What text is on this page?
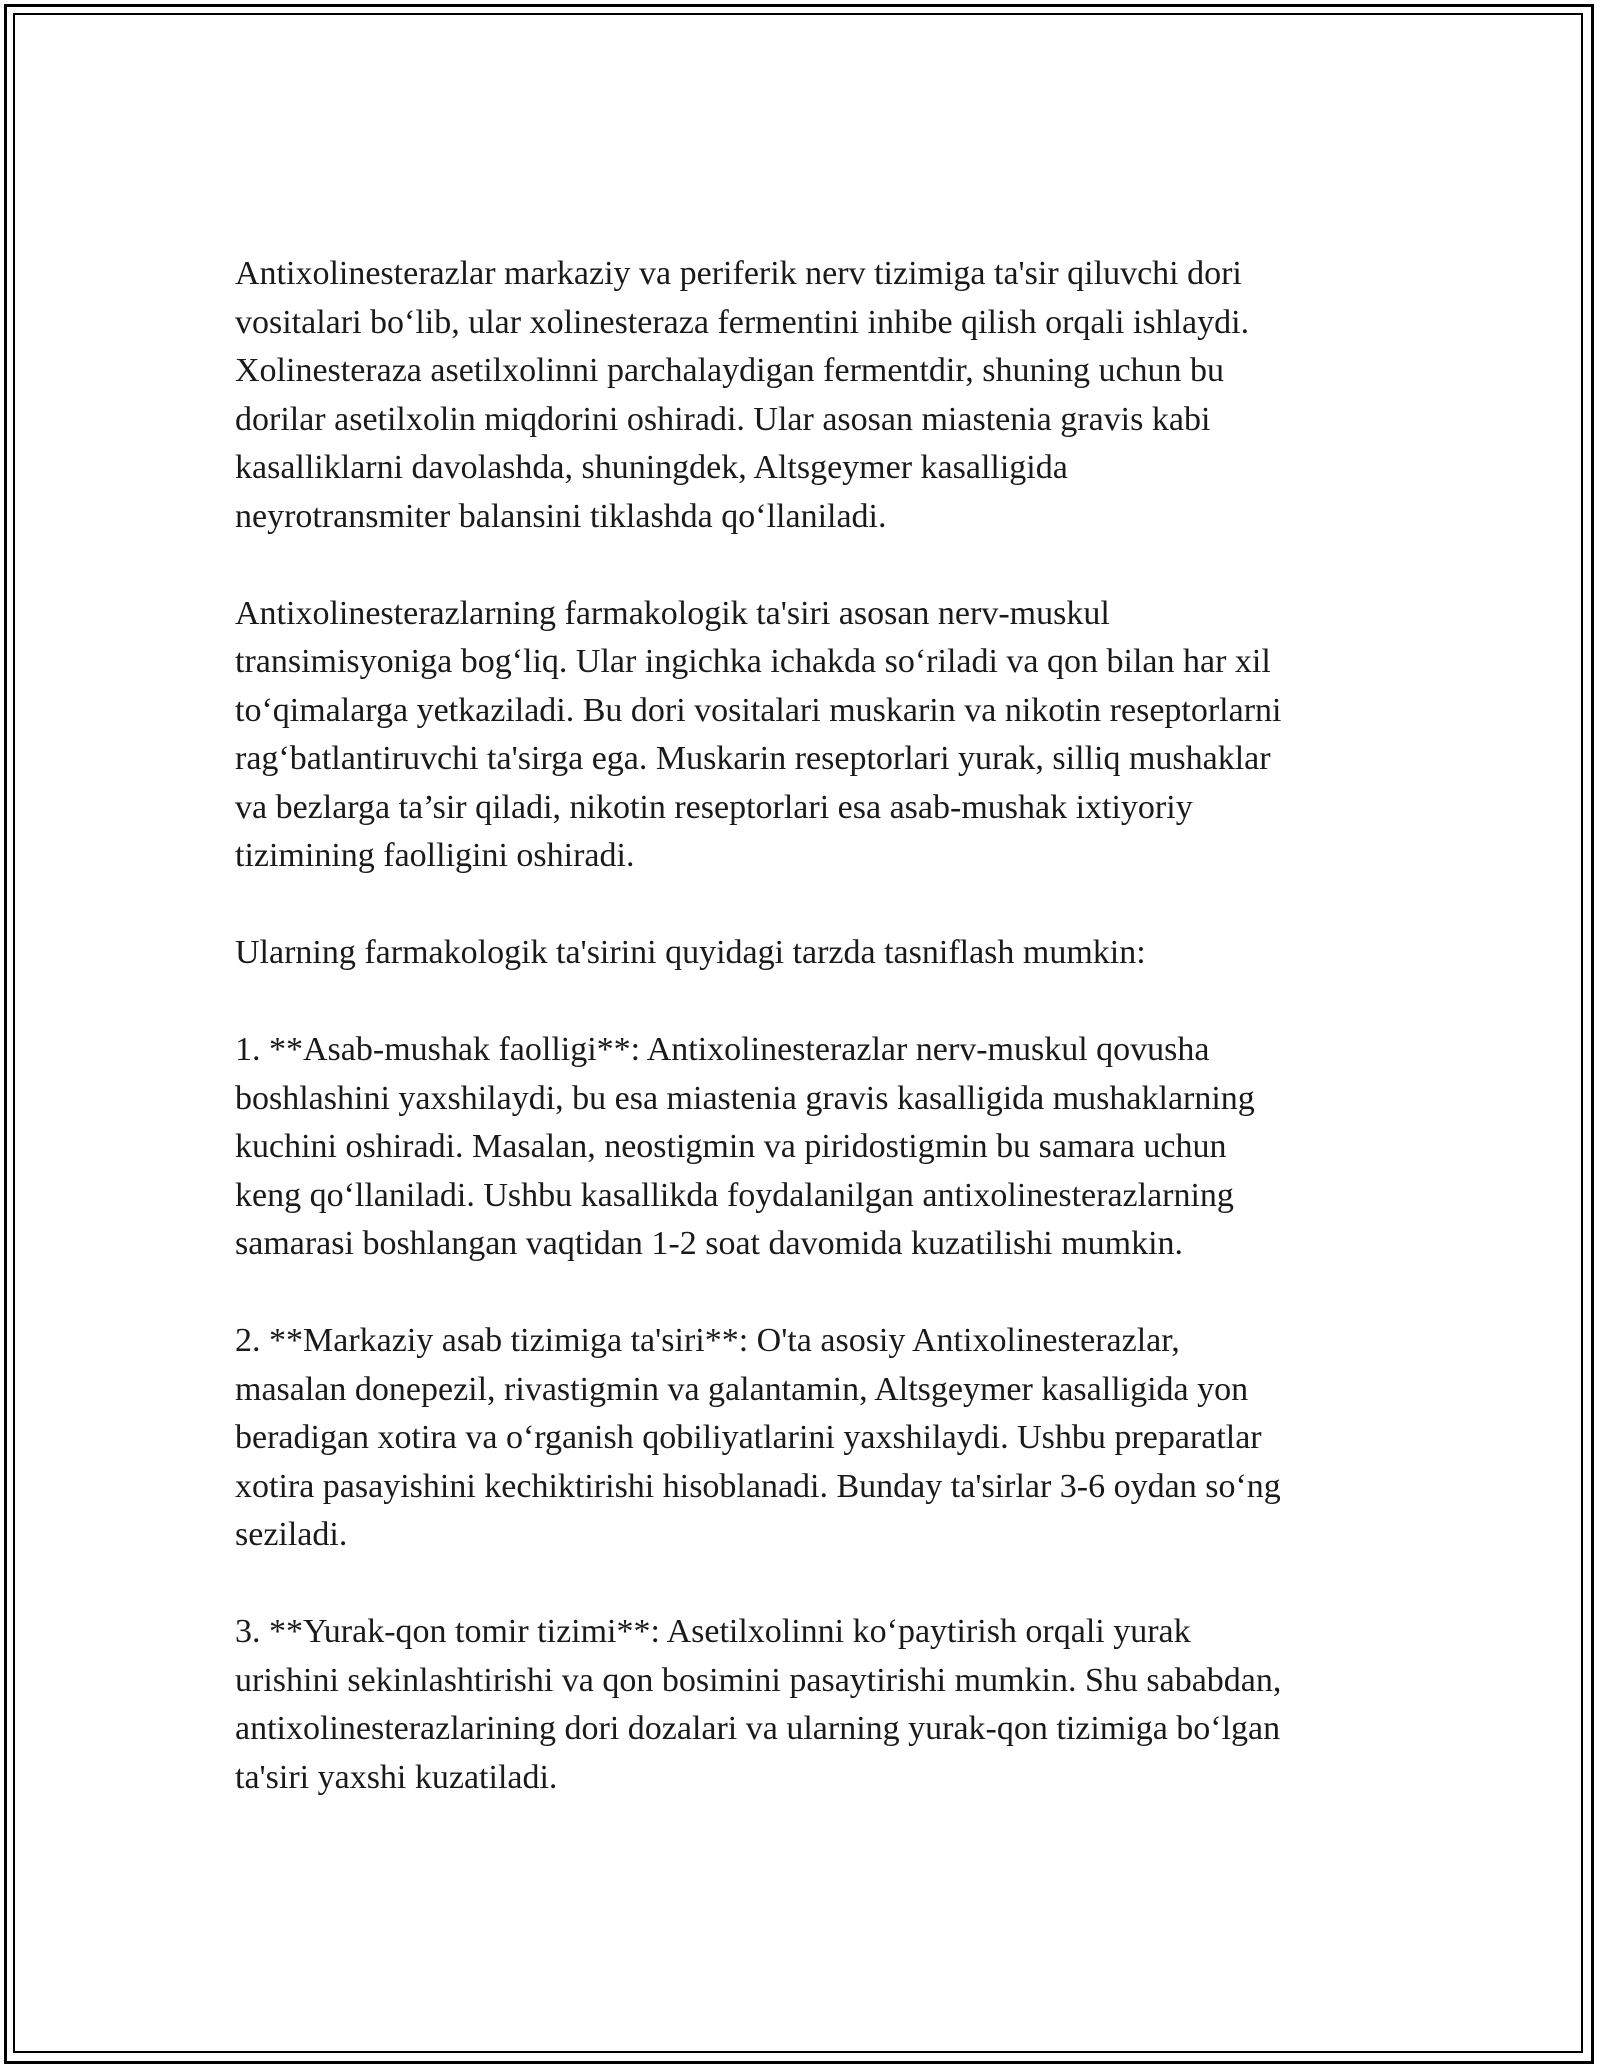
Antixolinesterazlar markaziy va periferik nerv tizimiga ta'sir qiluvchi dori
vositalari bo‘lib, ular xolinesteraza fermentini inhibe qilish orqali ishlaydi.
Xolinesteraza asetilxolinni parchalaydigan fermentdir, shuning uchun bu
dorilar asetilxolin miqdorini oshiradi. Ular asosan miastenia gravis kabi
kasalliklarni davolashda, shuningdek, Altsgeymer kasalligida
neyrotransmiter balansini tiklashda qo‘llaniladi.

Antixolinesterazlarning farmakologik ta'siri asosan nerv-muskul
transimisyoniga bog‘liq. Ular ingichka ichakda so‘riladi va qon bilan har xil
to‘qimalarga yetkaziladi. Bu dori vositalari muskarin va nikotin reseptorlarni
rag‘batlantiruvchi ta'sirga ega. Muskarin reseptorlari yurak, silliq mushaklar
va bezlarga ta’sir qiladi, nikotin reseptorlari esa asab-mushak ixtiyoriy
tizimining faolligini oshiradi.

Ularning farmakologik ta'sirini quyidagi tarzda tasniflash mumkin:

1. **Asab-mushak faolligi**: Antixolinesterazlar nerv-muskul qovusha
boshlashini yaxshilaydi, bu esa miastenia gravis kasalligida mushaklarning
kuchini oshiradi. Masalan, neostigmin va piridostigmin bu samara uchun
keng qo‘llaniladi. Ushbu kasallikda foydalanilgan antixolinesterazlarning
samarasi boshlangan vaqtidan 1-2 soat davomida kuzatilishi mumkin.

2. **Markaziy asab tizimiga ta'siri**: O'ta asosiy Antixolinesterazlar,
masalan donepezil, rivastigmin va galantamin, Altsgeymer kasalligida yon
beradigan xotira va o‘rganish qobiliyatlarini yaxshilaydi. Ushbu preparatlar
xotira pasayishini kechiktirishi hisoblanadi. Bunday ta'sirlar 3-6 oydan so‘ng
seziladi.

3. **Yurak-qon tomir tizimi**: Asetilxolinni ko‘paytirish orqali yurak
urishini sekinlashtirishi va qon bosimini pasaytirishi mumkin. Shu sababdan,
antixolinesterazlarining dori dozalari va ularning yurak-qon tizimiga bo‘lgan
ta'siri yaxshi kuzatiladi.
